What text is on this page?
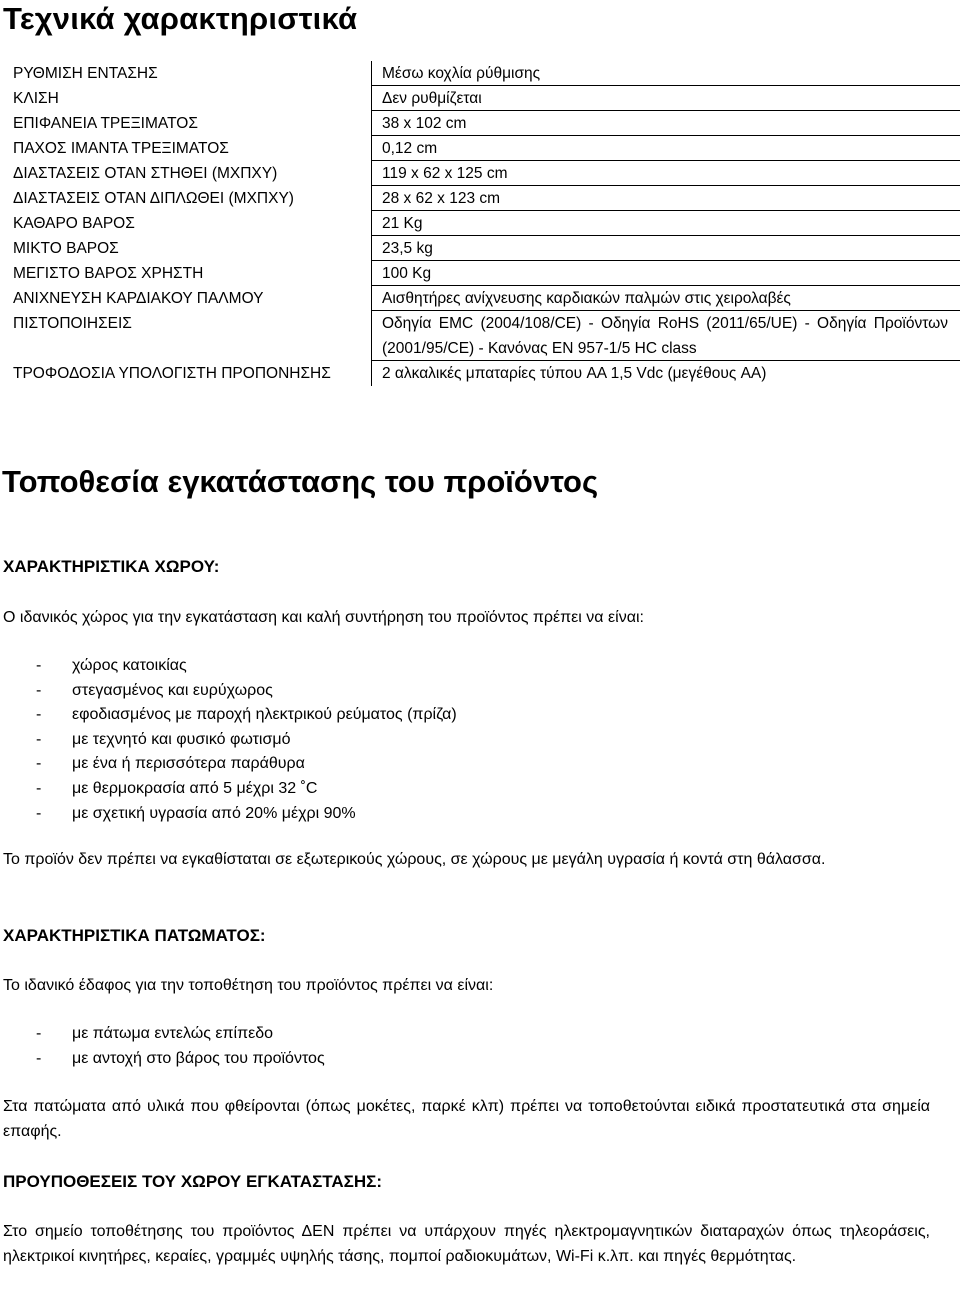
Τεχνικά χαρακτηριστικά
ΡΥΘΜΙΣΗ ΕΝΤΑΣΗΣ	Μέσω κοχλία ρύθμισης
ΚΛΙΣΗ	Δεν ρυθμίζεται
ΕΠΙΦΑΝΕΙΑ ΤΡΕΞΙΜΑΤΟΣ	38 x 102 cm
ΠΑΧΟΣ ΙΜΑΝΤΑ ΤΡΕΞΙΜΑΤΟΣ	0,12 cm
ΔΙΑΣΤΑΣΕΙΣ ΟΤΑΝ ΣΤΗΘΕΙ (ΜΧΠΧΥ)	119 x 62 x 125 cm
ΔΙΑΣΤΑΣΕΙΣ ΟΤΑΝ ΔΙΠΛΩΘΕΙ (ΜΧΠΧΥ)	28 x 62 x 123 cm
ΚΑΘΑΡΟ ΒΑΡΟΣ	21 Kg
ΜΙΚΤΟ ΒΑΡΟΣ	23,5 kg
ΜΕΓΙΣΤΟ ΒΑΡΟΣ ΧΡΗΣΤΗ	100 Kg
ΑΝΙΧΝΕΥΣΗ ΚΑΡΔΙΑΚΟΥ ΠΑΛΜΟΥ	Αισθητήρες ανίχνευσης καρδιακών παλμών στις χειρολαβές
ΠΙΣΤΟΠΟΙΗΣΕΙΣ	Οδηγία EMC (2004/108/CE) - Οδηγία RoHS (2011/65/UE) - Οδηγία Προϊόντων (2001/95/CE) - Κανόνας EN 957-1/5 HC class
ΤΡΟΦΟΔΟΣΙΑ ΥΠΟΛΟΓΙΣΤΗ ΠΡΟΠΟΝΗΣΗΣ	2 αλκαλικές μπαταρίες τύπου AA 1,5 Vdc (μεγέθους AA)
Τοποθεσία εγκατάστασης του προϊόντος
ΧΑΡΑΚΤΗΡΙΣΤΙΚΑ ΧΩΡΟΥ:
Ο ιδανικός χώρος για την εγκατάσταση και καλή συντήρηση του προϊόντος πρέπει να είναι:
-	χώρος κατοικίας
-	στεγασμένος και ευρύχωρος
-	εφοδιασμένος με παροχή ηλεκτρικού ρεύματος (πρίζα)
-	με τεχνητό και φυσικό φωτισμό
-	με ένα ή περισσότερα παράθυρα
-	με θερμοκρασία από 5 μέχρι 32 ˚C
-	με σχετική υγρασία από 20% μέχρι 90%
Το προϊόν δεν πρέπει να εγκαθίσταται σε εξωτερικούς χώρους, σε χώρους με μεγάλη υγρασία ή κοντά στη θάλασσα.
ΧΑΡΑΚΤΗΡΙΣΤΙΚΑ ΠΑΤΩΜΑΤΟΣ:
Το ιδανικό έδαφος για την τοποθέτηση του προϊόντος πρέπει να είναι:
-	με πάτωμα εντελώς επίπεδο
-	με αντοχή στο βάρος του προϊόντος
Στα πατώματα από υλικά που φθείρονται (όπως μοκέτες, παρκέ κλπ) πρέπει να τοποθετούνται ειδικά προστατευτικά στα σημεία επαφής.
ΠΡΟΥΠΟΘΕΣΕΙΣ ΤΟΥ ΧΩΡΟΥ ΕΓΚΑΤΑΣΤΑΣΗΣ:
Στο σημείο τοποθέτησης του προϊόντος ΔΕΝ πρέπει να υπάρχουν πηγές ηλεκτρομαγνητικών διαταραχών όπως τηλεοράσεις, ηλεκτρικοί κινητήρες, κεραίες, γραμμές υψηλής τάσης, πομποί ραδιοκυμάτων, Wi-Fi κ.λπ. και πηγές θερμότητας.
